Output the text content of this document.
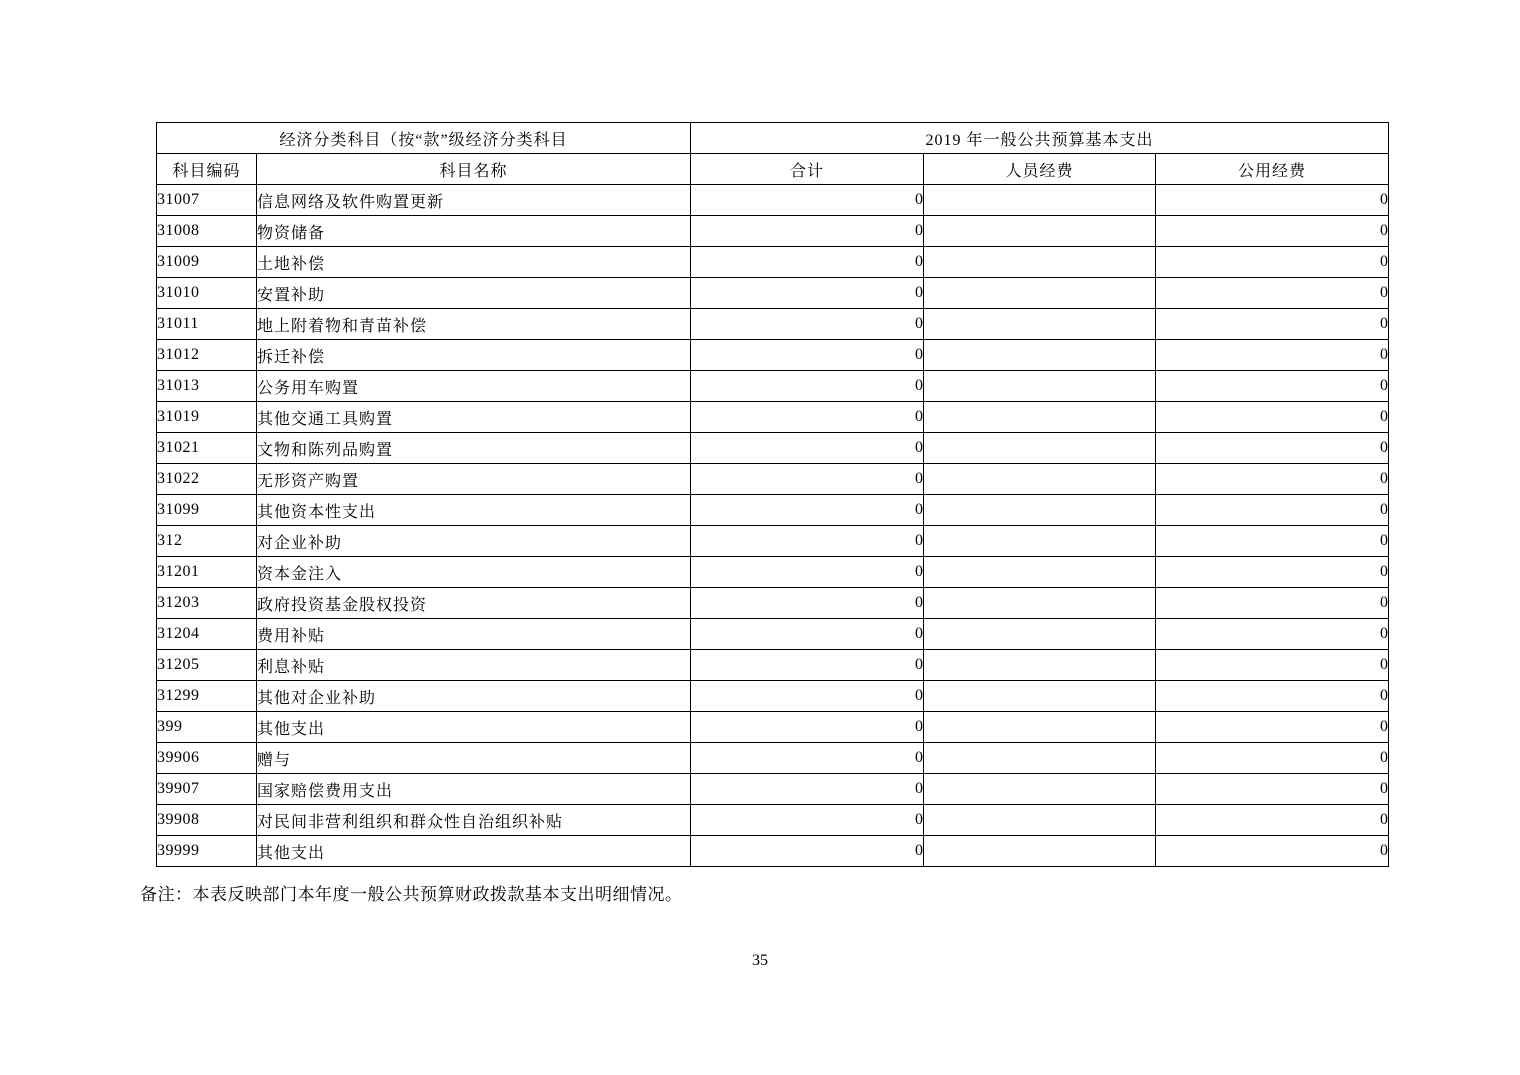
经济分类科目（按“款”级经济分类科目		2019 年一般公共预算基本支出		
科目编码	科目名称	合计	人员经费	公用经费
31007	信息网络及软件购置更新	0		0
31008	物资储备	0		0
31009	土地补偿	0		0
31010	安置补助	0		0
31011	地上附着物和青苗补偿	0		0
31012	拆迁补偿	0		0
31013	公务用车购置	0		0
31019	其他交通工具购置	0		0
31021	文物和陈列品购置	0		0
31022	无形资产购置	0		0
31099	其他资本性支出	0		0
312	对企业补助	0		0
31201	资本金注入	0		0
31203	政府投资基金股权投资	0		0
31204	费用补贴	0		0
31205	利息补贴	0		0
31299	其他对企业补助	0		0
399	其他支出	0		0
39906	赠与	0		0
39907	国家赔偿费用支出	0		0
39908	对民间非营利组织和群众性自治组织补贴	0		0
39999	其他支出	0		0
备注：本表反映部门本年度一般公共预算财政拨款基本支出明细情况。
35
